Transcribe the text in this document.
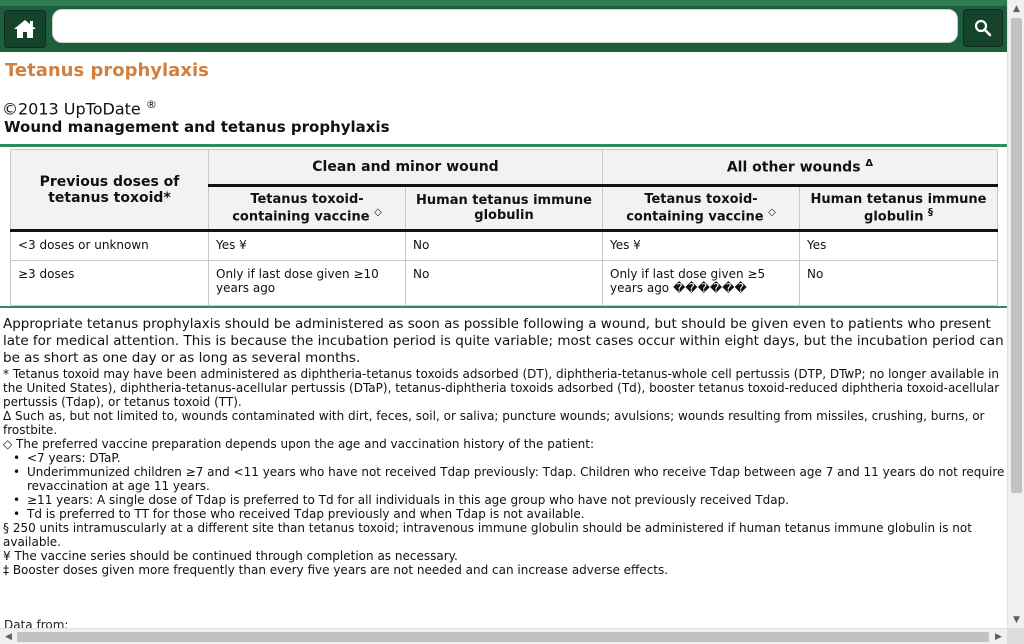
Tetanus prophylaxis
©2013 UpToDate ®
Wound management and tetanus prophylaxis
Previous doses of tetanus toxoid*	Clean and minor wound		All other wounds $^\Delta$
	Tetanus toxoid-containing vaccine ◇	Human tetanus immune globulin	Tetanus toxoid-containing vaccine ◇	Human tetanus immune globulin §
<3 doses or unknown	Yes ¥	No	Yes ¥	Yes
≥3 doses	Only if last dose given ≥10 years ago	No	Only if last dose given ≥5 years ago ������	No
Appropriate tetanus prophylaxis should be administered as soon as possible following a wound, but should be given even to patients who present late for medical attention. This is because the incubation period is quite variable; most cases occur within eight days, but the incubation period can be as short as one day or as long as several months.
* Tetanus toxoid may have been administered as diphtheria-tetanus toxoids adsorbed (DT), diphtheria-tetanus-whole cell pertussis (DTP, DTwP; no longer available in the United States), diphtheria-tetanus-acellular pertussis (DTaP), tetanus-diphtheria toxoids adsorbed (Td), booster tetanus toxoid-reduced diphtheria toxoid-acellular pertussis (Tdap), or tetanus toxoid (TT).
Δ Such as, but not limited to, wounds contaminated with dirt, feces, soil, or saliva; puncture wounds; avulsions; wounds resulting from missiles, crushing, burns, or frostbite.
◇ The preferred vaccine preparation depends upon the age and vaccination history of the patient:
• <7 years: DTaP.
• Underimmunized children ≥7 and <11 years who have not received Tdap previously: Tdap. Children who receive Tdap between age 7 and 11 years do not require revaccination at age 11 years.
• ≥11 years: A single dose of Tdap is preferred to Td for all individuals in this age group who have not previously received Tdap.
• Td is preferred to TT for those who received Tdap previously and when Tdap is not available.
§ 250 units intramuscularly at a different site than tetanus toxoid; intravenous immune globulin should be administered if human tetanus immune globulin is not available.
¥ The vaccine series should be continued through completion as necessary.
‡ Booster doses given more frequently than every five years are not needed and can increase adverse effects.
Data from:
▲
▼
◀	▶
